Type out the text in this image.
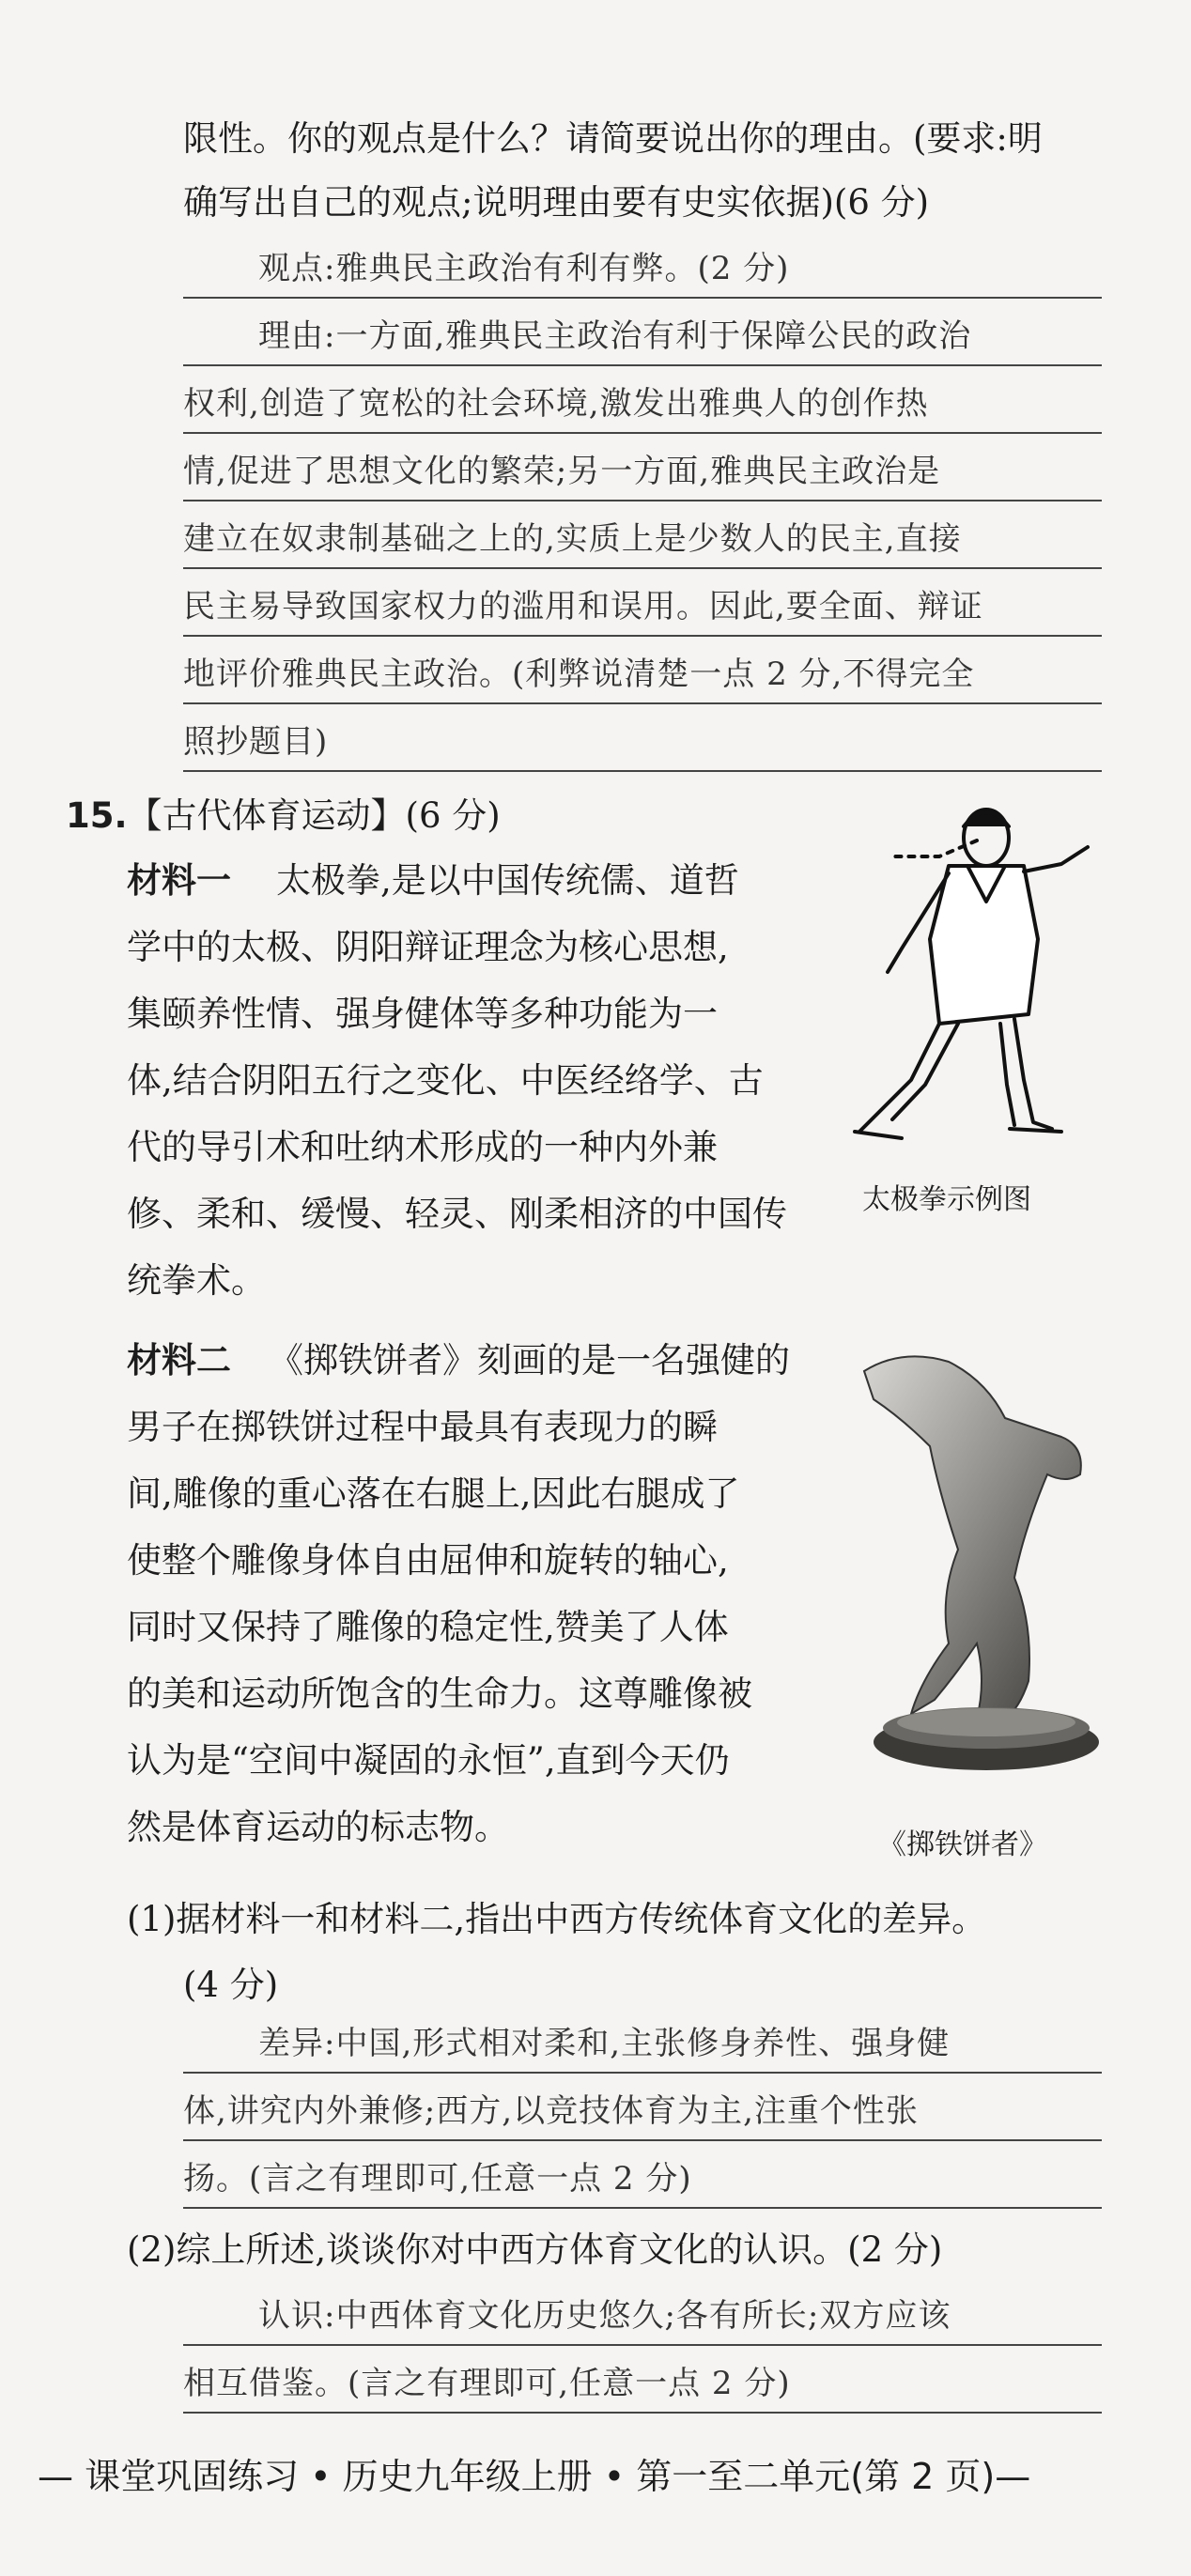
限性。你的观点是什么？请简要说出你的理由。(要求:明
确写出自己的观点;说明理由要有史实依据)(6 分)
观点:雅典民主政治有利有弊。(2 分)
理由:一方面,雅典民主政治有利于保障公民的政治
权利,创造了宽松的社会环境,激发出雅典人的创作热
情,促进了思想文化的繁荣;另一方面,雅典民主政治是
建立在奴隶制基础之上的,实质上是少数人的民主,直接
民主易导致国家权力的滥用和误用。因此,要全面、辩证
地评价雅典民主政治。(利弊说清楚一点 2 分,不得完全
照抄题目)
15.【古代体育运动】(6 分)
材料一 太极拳,是以中国传统儒、道哲
学中的太极、阴阳辩证理念为核心思想,
集颐养性情、强身健体等多种功能为一
体,结合阴阳五行之变化、中医经络学、古
代的导引术和吐纳术形成的一种内外兼
修、柔和、缓慢、轻灵、刚柔相济的中国传
统拳术。
太极拳示例图
材料二 《掷铁饼者》刻画的是一名强健的
男子在掷铁饼过程中最具有表现力的瞬
间,雕像的重心落在右腿上,因此右腿成了
使整个雕像身体自由屈伸和旋转的轴心,
同时又保持了雕像的稳定性,赞美了人体
的美和运动所饱含的生命力。这尊雕像被
认为是“空间中凝固的永恒”,直到今天仍
然是体育运动的标志物。	《掷铁饼者》
(1)据材料一和材料二,指出中西方传统体育文化的差异。
(4 分)
差异:中国,形式相对柔和,主张修身养性、强身健
体,讲究内外兼修;西方,以竞技体育为主,注重个性张
扬。(言之有理即可,任意一点 2 分)
(2)综上所述,谈谈你对中西方体育文化的认识。(2 分)
认识:中西体育文化历史悠久;各有所长;双方应该
相互借鉴。(言之有理即可,任意一点 2 分)
— 课堂巩固练习 • 历史九年级上册 • 第一至二单元(第 2 页)—
